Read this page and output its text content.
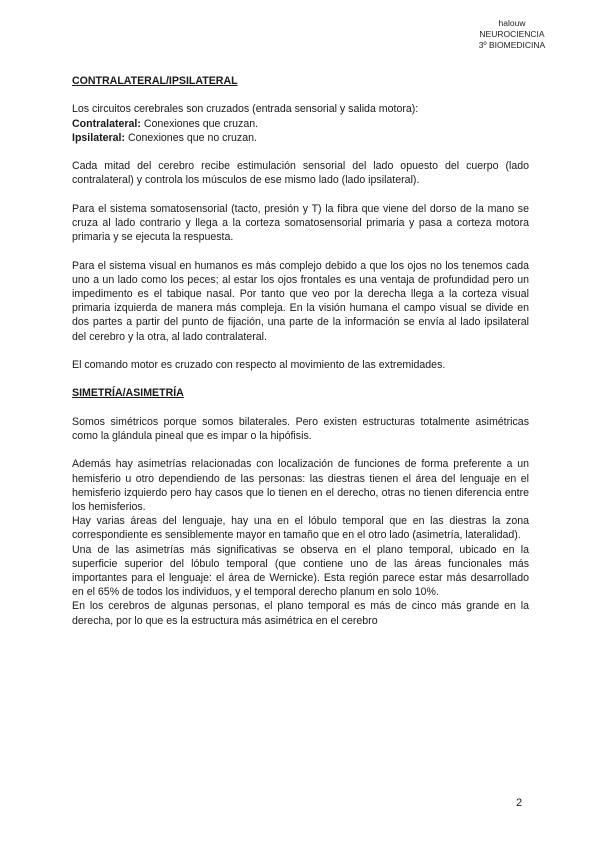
halouw
NEUROCIENCIA
3º BIOMEDICINA
CONTRALATERAL/IPSILATERAL

Los circuitos cerebrales son cruzados (entrada sensorial y salida motora):

Contralateral: Conexiones que cruzan.

Ipsilateral: Conexiones que no cruzan.

Cada mitad del cerebro recibe estimulación sensorial del lado opuesto del cuerpo (lado contralateral) y controla los músculos de ese mismo lado (lado ipsilateral).

Para el sistema somatosensorial (tacto, presión y T) la fibra que viene del dorso de la mano se cruza al lado contrario y llega a la corteza somatosensorial primaria y pasa a corteza motora primaria y se ejecuta la respuesta.

Para el sistema visual en humanos es más complejo debido a que los ojos no los tenemos cada uno a un lado como los peces; al estar los ojos frontales es una ventaja de profundidad pero un impedimento es el tabique nasal. Por tanto que veo por la derecha llega a la corteza visual primaria izquierda de manera más compleja. En la visión humana el campo visual se divide en dos partes a partir del punto de fijación, una parte de la información se envía al lado ipsilateral del cerebro y la otra, al lado contralateral.

El comando motor es cruzado con respecto al movimiento de las extremidades.

SIMETRÍA/ASIMETRÍA

Somos simétricos porque somos bilaterales. Pero existen estructuras totalmente asimétricas como la glándula pineal que es impar o la hipófisis.

Además hay asimetrías relacionadas con localización de funciones de forma preferente a un hemisferio u otro dependiendo de las personas: las diestras tienen el área del lenguaje en el hemisferio izquierdo pero hay casos que lo tienen en el derecho, otras no tienen diferencia entre los hemisferios.

Hay varias áreas del lenguaje, hay una en el lóbulo temporal que en las diestras la zona correspondiente es sensiblemente mayor en tamaño que en el otro lado (asimetría, lateralidad).

Una de las asimetrías más significativas se observa en el plano temporal, ubicado en la superficie superior del lóbulo temporal (que contiene uno de las áreas funcionales más importantes para el lenguaje: el área de Wernicke). Esta región parece estar más desarrollado en el 65% de todos los individuos, y el temporal derecho planum en solo 10%.

En los cerebros de algunas personas, el plano temporal es más de cinco más grande en la derecha, por lo que es la estructura más asimétrica en el cerebro

2
